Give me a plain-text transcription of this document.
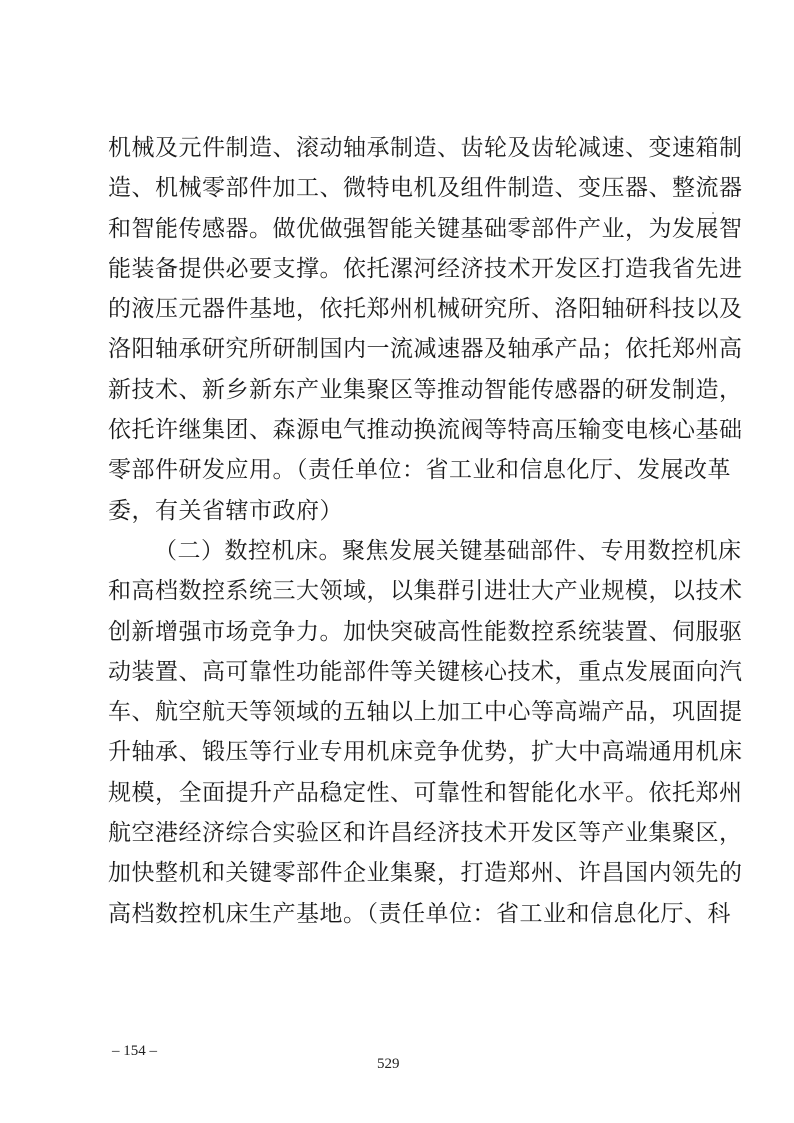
机械及元件制造、滚动轴承制造、齿轮及齿轮减速、变速箱制
造、机械零部件加工、微特电机及组件制造、变压器、整流器
和智能传感器。做优做强智能关键基础零部件产业，为发展智
能装备提供必要支撑。依托漯河经济技术开发区打造我省先进
的液压元器件基地，依托郑州机械研究所、洛阳轴研科技以及
洛阳轴承研究所研制国内一流减速器及轴承产品；依托郑州高
新技术、新乡新东产业集聚区等推动智能传感器的研发制造，
依托许继集团、森源电气推动换流阀等特高压输变电核心基础
零部件研发应用。（责任单位：省工业和信息化厅、发展改革
委，有关省辖市政府）
（二）数控机床。聚焦发展关键基础部件、专用数控机床
和高档数控系统三大领域，以集群引进壮大产业规模，以技术
创新增强市场竞争力。加快突破高性能数控系统装置、伺服驱
动装置、高可靠性功能部件等关键核心技术，重点发展面向汽
车、航空航天等领域的五轴以上加工中心等高端产品，巩固提
升轴承、锻压等行业专用机床竞争优势，扩大中高端通用机床
规模，全面提升产品稳定性、可靠性和智能化水平。依托郑州
航空港经济综合实验区和许昌经济技术开发区等产业集聚区，
加快整机和关键零部件企业集聚，打造郑州、许昌国内领先的
高档数控机床生产基地。（责任单位：省工业和信息化厅、科
– 154 –
529
